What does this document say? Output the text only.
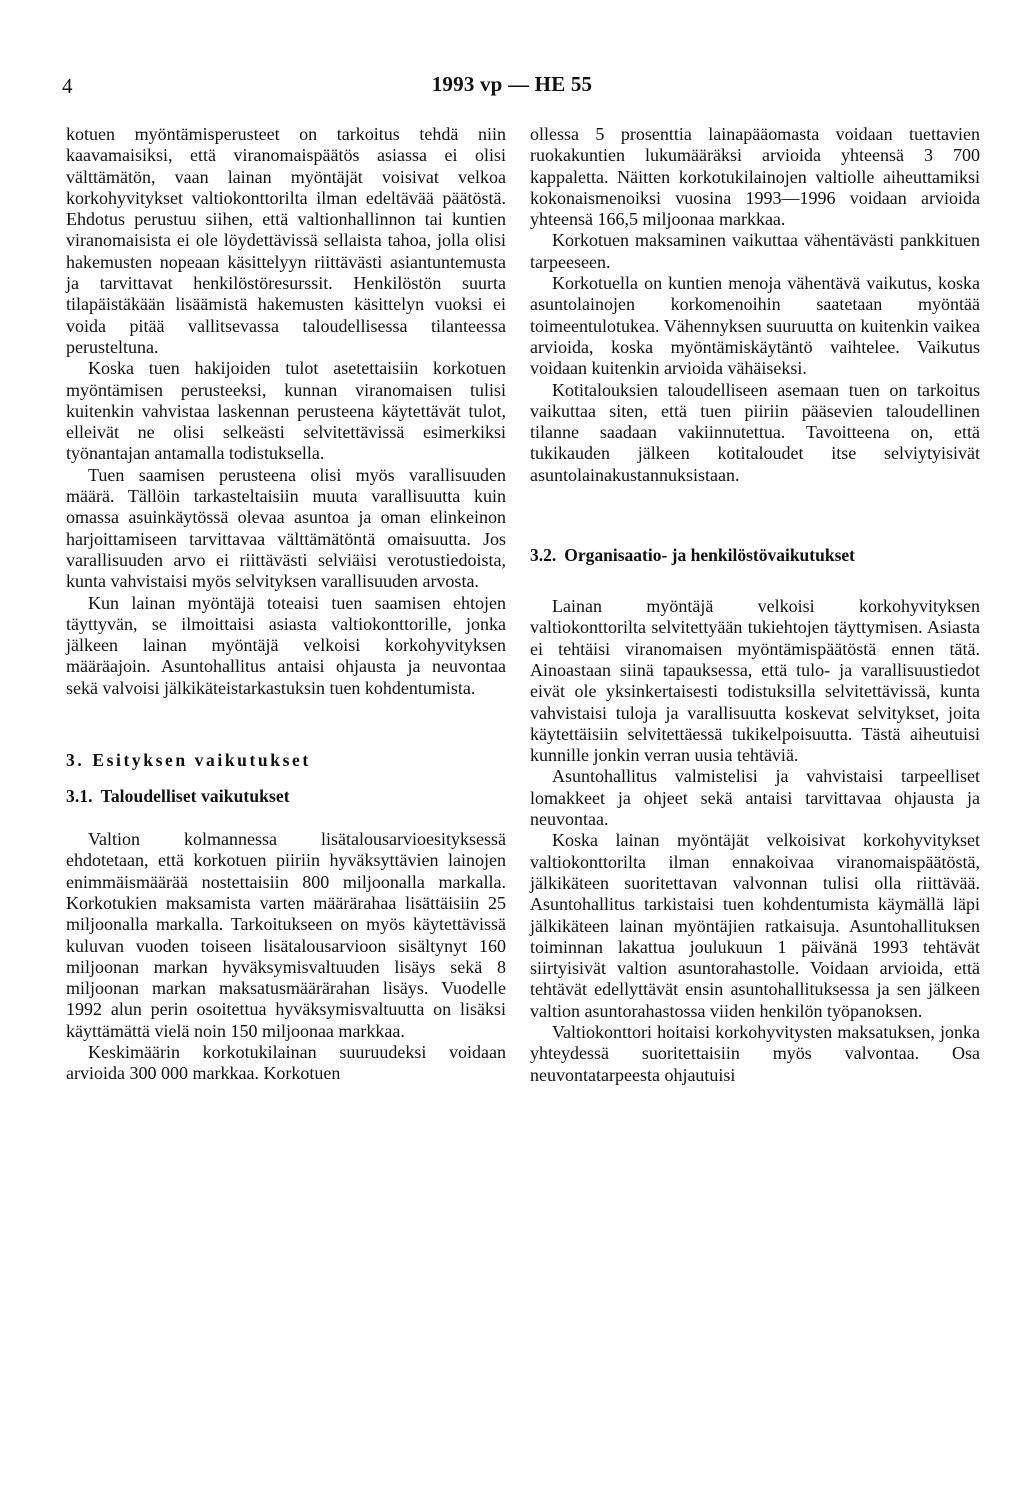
4	1993 vp — HE 55

kotuen myöntämisperusteet on tarkoitus tehdä niin kaavamaisiksi, että viranomaispäätös asiassa ei olisi välttämätön, vaan lainan myöntäjät voisivat velkoa korkohyvitykset valtiokonttorilta ilman edeltävää päätöstä. Ehdotus perustuu siihen, että valtionhallinnon tai kuntien viranomaisista ei ole löydettävissä sellaista tahoa, jolla olisi hakemusten nopeaan käsittelyyn riittävästi asiantuntemusta ja tarvittavat henkilöstöresurssit. Henkilöstön suurta tilapäistäkään lisäämistä hakemusten käsittelyn vuoksi ei voida pitää vallitsevassa taloudellisessa tilanteessa perusteltuna.

Koska tuen hakijoiden tulot asetettaisiin korkotuen myöntämisen perusteeksi, kunnan viranomaisen tulisi kuitenkin vahvistaa laskennan perusteena käytettävät tulot, elleivät ne olisi selkeästi selvitettävissä esimerkiksi työnantajan antamalla todistuksella.

Tuen saamisen perusteena olisi myös varallisuuden määrä. Tällöin tarkasteltaisiin muuta varallisuutta kuin omassa asuinkäytössä olevaa asuntoa ja oman elinkeinon harjoittamiseen tarvittavaa välttämätöntä omaisuutta. Jos varallisuuden arvo ei riittävästi selviäisi verotustiedoista, kunta vahvistaisi myös selvityksen varallisuuden arvosta.

Kun lainan myöntäjä toteaisi tuen saamisen ehtojen täyttyvän, se ilmoittaisi asiasta valtiokonttorille, jonka jälkeen lainan myöntäjä velkoisi korkohyvityksen määräajoin. Asuntohallitus antaisi ohjausta ja neuvontaa sekä valvoisi jälkikäteistarkastuksin tuen kohdentumista.

3. Esityksen vaikutukset
3.1. Taloudelliset vaikutukset

Valtion kolmannessa lisätalousarvioesityksessä ehdotetaan, että korkotuen piiriin hyväksyttävien lainojen enimmäismäärää nostettaisiin 800 miljoonalla markalla. Korkotukien maksamista varten määrärahaa lisättäisiin 25 miljoonalla markalla. Tarkoitukseen on myös käytettävissä kuluvan vuoden toiseen lisätalousarvioon sisältynyt 160 miljoonan markan hyväksymisvaltuuden lisäys sekä 8 miljoonan markan maksatusmäärärahan lisäys. Vuodelle 1992 alun perin osoitettua hyväksymisvaltuutta on lisäksi käyttämättä vielä noin 150 miljoonaa markkaa.

Keskimäärin korkotukilainan suuruudeksi voidaan arvioida 300 000 markkaa. Korkotuen

ollessa 5 prosenttia lainapääomasta voidaan tuettavien ruokakuntien lukumääräksi arvioida yhteensä 3 700 kappaletta. Näitten korkotukilainojen valtiolle aiheuttamiksi kokonaismenoiksi vuosina 1993—1996 voidaan arvioida yhteensä 166,5 miljoonaa markkaa.

Korkotuen maksaminen vaikuttaa vähentävästi pankkituen tarpeeseen.

Korkotuella on kuntien menoja vähentävä vaikutus, koska asuntolainojen korkomenoihin saatetaan myöntää toimeentulotukea. Vähennyksen suuruutta on kuitenkin vaikea arvioida, koska myöntämiskäytäntö vaihtelee. Vaikutus voidaan kuitenkin arvioida vähäiseksi.

Kotitalouksien taloudelliseen asemaan tuen on tarkoitus vaikuttaa siten, että tuen piiriin pääsevien taloudellinen tilanne saadaan vakiinnutettua. Tavoitteena on, että tukikauden jälkeen kotitaloudet itse selviytyisivät asuntolainakustannuksistaan.

3.2. Organisaatio- ja henkilöstövaikutukset

Lainan myöntäjä velkoisi korkohyvityksen valtiokonttorilta selvitettyään tukiehtojen täyttymisen. Asiasta ei tehtäisi viranomaisen myöntämispäätöstä ennen tätä. Ainoastaan siinä tapauksessa, että tulo- ja varallisuustiedot eivät ole yksinkertaisesti todistuksilla selvitettävissä, kunta vahvistaisi tuloja ja varallisuutta koskevat selvitykset, joita käytettäisiin selvitettäessä tukikelpoisuutta. Tästä aiheutuisi kunnille jonkin verran uusia tehtäviä.

Asuntohallitus valmistelisi ja vahvistaisi tarpeelliset lomakkeet ja ohjeet sekä antaisi tarvittavaa ohjausta ja neuvontaa.

Koska lainan myöntäjät velkoisivat korkohyvitykset valtiokonttorilta ilman ennakoivaa viranomaispäätöstä, jälkikäteen suoritettavan valvonnan tulisi olla riittävää. Asuntohallitus tarkistaisi tuen kohdentumista käymällä läpi jälkikäteen lainan myöntäjien ratkaisuja. Asuntohallituksen toiminnan lakattua joulukuun 1 päivänä 1993 tehtävät siirtyisivät valtion asuntorahastolle. Voidaan arvioida, että tehtävät edellyttävät ensin asuntohallituksessa ja sen jälkeen valtion asuntorahastossa viiden henkilön työpanoksen.

Valtiokonttori hoitaisi korkohyvitysten maksatuksen, jonka yhteydessä suoritettaisiin myös valvontaa. Osa neuvontatarpeesta ohjautuisi
